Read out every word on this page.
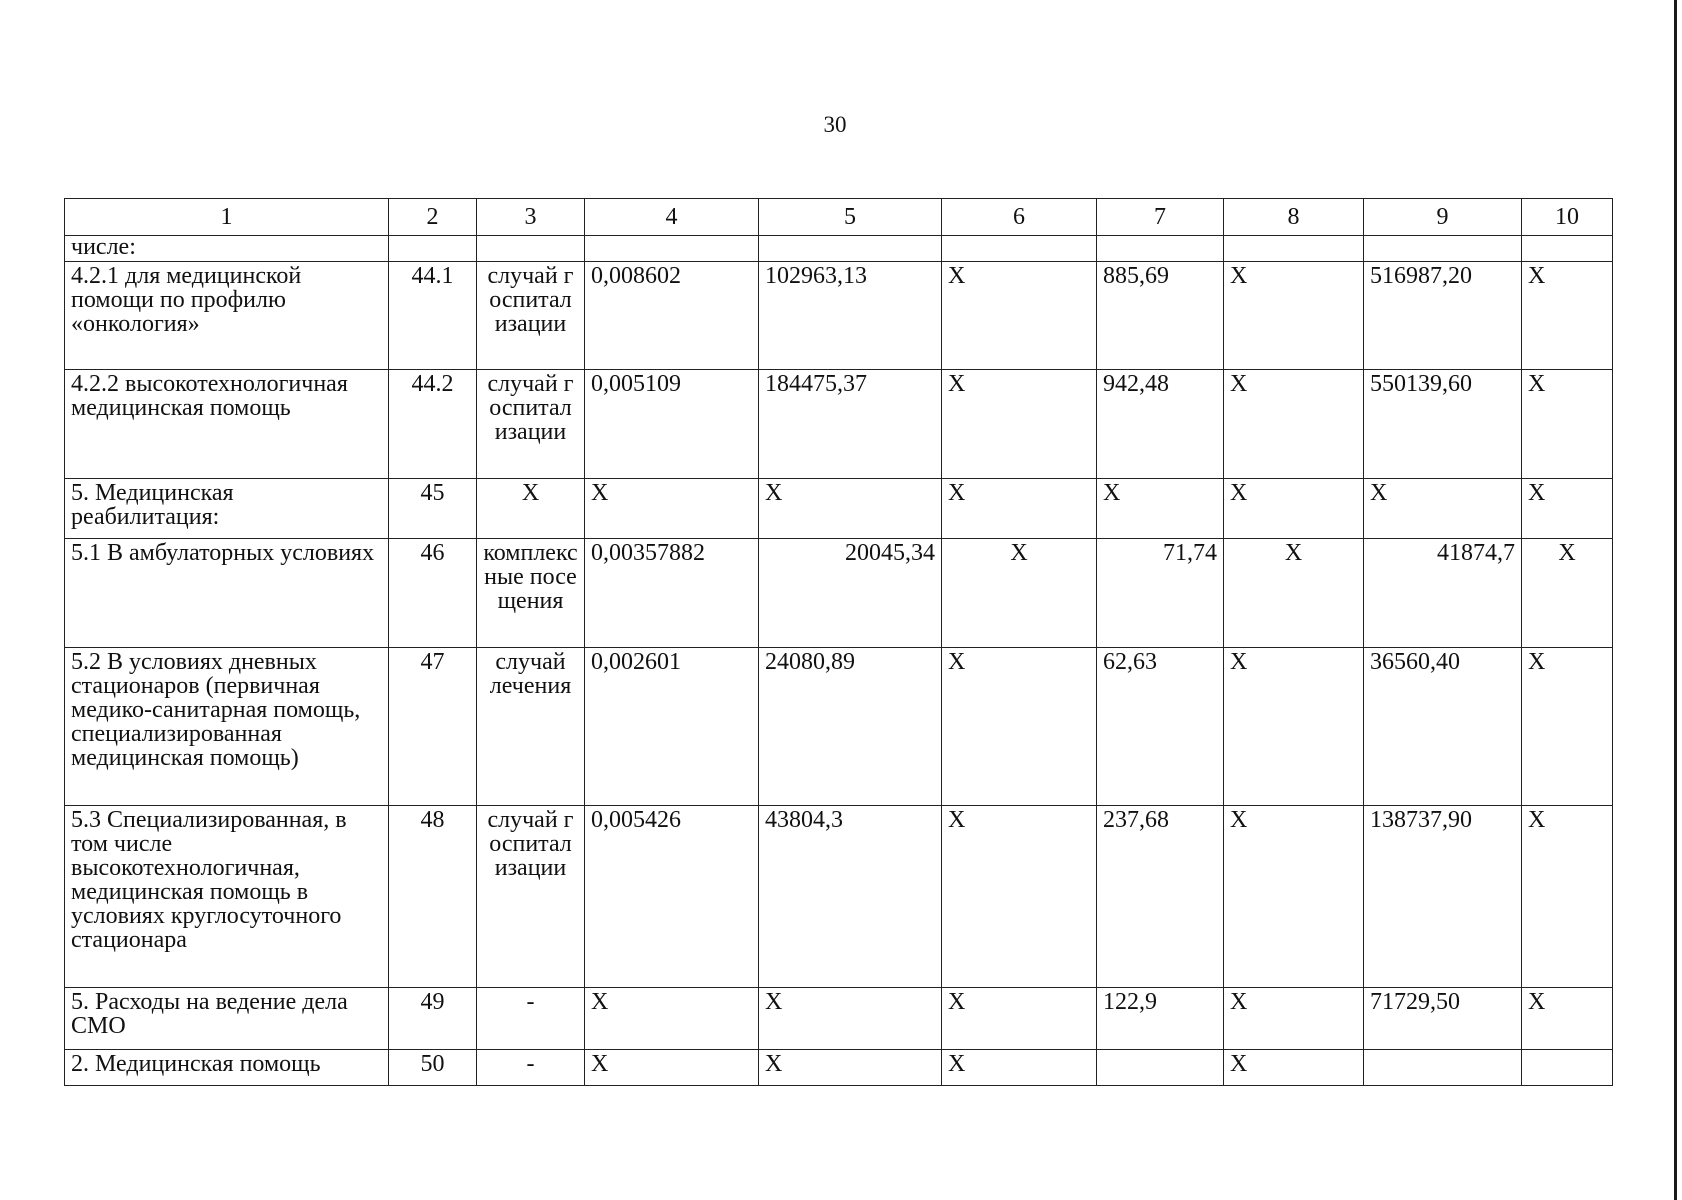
30
1	2	3	4	5	6	7	8	9	10
числе:									
4.2.1 для медицинской помощи по профилю «онкология»	44.1	случай госпитализации	0,008602	102963,13	X	885,69	X	516987,20	X
4.2.2 высокотехнологичная медицинская помощь	44.2	случай госпитализации	0,005109	184475,37	X	942,48	X	550139,60	X
5. Медицинская реабилитация:	45	X	X	X	X	X	X	X	X
5.1 В амбулаторных условиях	46	комплексные посещения	0,00357882	20045,34	X	71,74	X	41874,7	X
5.2 В условиях дневных стационаров (первичная медико-санитарная помощь, специализированная медицинская помощь)	47	случай лечения	0,002601	24080,89	X	62,63	X	36560,40	X
5.3 Специализированная, в том числе высокотехнологичная, медицинская помощь в условиях круглосуточного стационара	48	случай госпитализации	0,005426	43804,3	X	237,68	X	138737,90	X
5. Расходы на ведение дела СМО	49	-	X	X	X	122,9	X	71729,50	X
2. Медицинская помощь	50	-	X	X	X		X		
